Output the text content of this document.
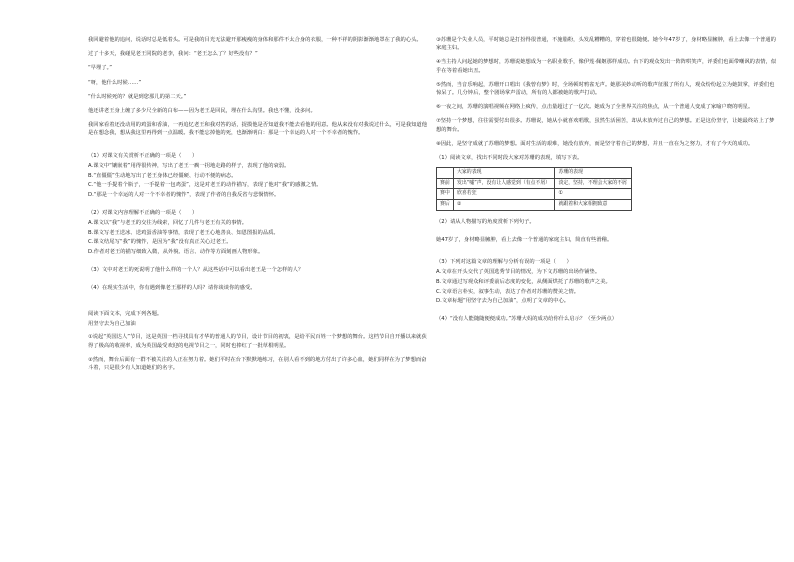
我回避着他的追问，说话时总是低着头。可是我的目光无法避开那瘦瘦的身体和那件不太合身的衣服，一种不祥的阴影渐渐地罩在了我的心头。

过了十多天，我碰见老王同院的老李，我问：“老王怎么了？好些没有？”

“早埋了。”

“呀，他什么时候……”

“什么时候死的？就是到您那儿的第二天。”

他还讲老王身上缠了多少尺全新的白布——因为老王是回民，埋在什么沟里。我也不懂，没多问。

我回家看着还没动用的鸡蛋和香油，一再追忆老王和我对答的话，捉摸他是否知道我不能去看他的用意。他从来没有对我说过什么，可是我知道他是在想念我，想从我这里再得到一点温暖。我不能忘掉他的死，也渐渐明白：那是一个幸运的人对一个不幸者的愧怍。

（1）对课文有关赏析不正确的一项是（　　）

A.课文中“镶嵌着”用得很传神，写出了老王一瘸一拐地走路的样子，表现了他的衰弱。

B.“直僵僵”生动地写出了老王身体已经僵硬、行动不便的病态。

C.“他一手提着个瓶子，一手提着一包鸡蛋”，这是对老王的动作描写，表现了他对“我”的感激之情。

D.“那是一个幸运的人对一个不幸者的愧怍”，表现了作者的自我反省与悲悯情怀。

（2）对课文内容理解不正确的一项是（　　）

A.课文以“我”与老王的交往为线索，回忆了几件与老王有关的事情。

B.课文写老王送冰、送鸡蛋香油等事情，表现了老王心地善良、知恩图报的品质。

C.课文结尾写“我”的愧怍，是因为“我”没有真正关心过老王。

D.作者对老王的描写细致入微，从外貌、语言、动作等方面刻画人物形象。

（3）文中对老王的死说明了他什么样的一个人？从这些话中可以看出老王是一个怎样的人？

（4）在现实生活中，你有遇到像老王那样的人吗？请你谈谈你的感受。

阅读下面文本，完成下列各题。

用坚守去为自己加油

①说起“英国达人”节目，这是英国一档寻找具有才华的普通人的节目，设计节目的初衷，是给平民百姓一个梦想的舞台。这档节目自开播以来就获得了极高的收视率，成为英国最受欢迎的电视节目之一，同时也捧红了一批草根明星。

②然而，舞台后面有一群不被关注的人正在努力着。她们平时在台下默默地练习，在别人看不到的地方付出了许多心血，她们同样在为了梦想而奋斗着，只是很少有人知道她们的名字。

③苏珊是个失业人员，平时她总是打扮得很普通，不施脂粉，头发乱糟糟的，穿着也很随便。她今年47岁了，身材略显臃肿，看上去像一个普通的家庭主妇。

④当主持人问起她的梦想时，苏珊说她想成为一名职业歌手，像伊莲·佩姬那样成功。台下的观众发出一阵阵哄笑声，评委们也面带嘲讽的表情，似乎在等着看她出丑。

⑤然而，当音乐响起，苏珊开口唱出《我曾有梦》时，全场顿时鸦雀无声。她那美妙动听的歌声征服了所有人，观众纷纷起立为她鼓掌，评委们也惊呆了。几分钟后，整个剧场掌声雷动，所有的人都被她的歌声打动。

⑥一夜之间，苏珊的演唱视频在网络上疯传，点击量超过了一亿次。她成为了全世界关注的焦点，从一个普通人变成了家喻户晓的明星。

⑦坚持一个梦想，往往需要付出很多。苏珊说，她从小就喜欢唱歌，虽然生活困苦，却从未放弃过自己的梦想。正是这份坚守，让她最终站上了梦想的舞台。

⑧因此，是坚守成就了苏珊的梦想。面对生活的艰难，她没有放弃，而是坚守着自己的梦想，并且一直在为之努力，才有了今天的成功。

（1）阅读文章，找出不同时段大家对苏珊的表现，填写下表。

	大家的表现	苏珊的表现
赛前	发出“嘘”声，没有让人感觉到（有点不屑）	淡定，坚持，不理会大家的不屑
赛中	欣喜若狂	①
赛后	②	就跟着和大家相拥致意

（2）请从人物描写的角度赏析下列句子。

她47岁了，身材略显臃肿，看上去像一个普通的家庭主妇，简直有些滑稽。

（3）下列对这篇文章的理解与分析有误的一项是（　　）

A.文章在开头交代了英国选秀节目的情况，为下文苏珊的出场作铺垫。

B.文章通过写观众和评委前后态度的变化，从侧面烘托了苏珊的歌声之美。

C.文章语言朴实，叙事生动，表达了作者对苏珊的赞美之情。

D.文章标题“用坚守去为自己加油”，点明了文章的中心。

（4）“没有人能随随便便成功。”苏珊大妈的成功给你什么启示？（至少两点）
